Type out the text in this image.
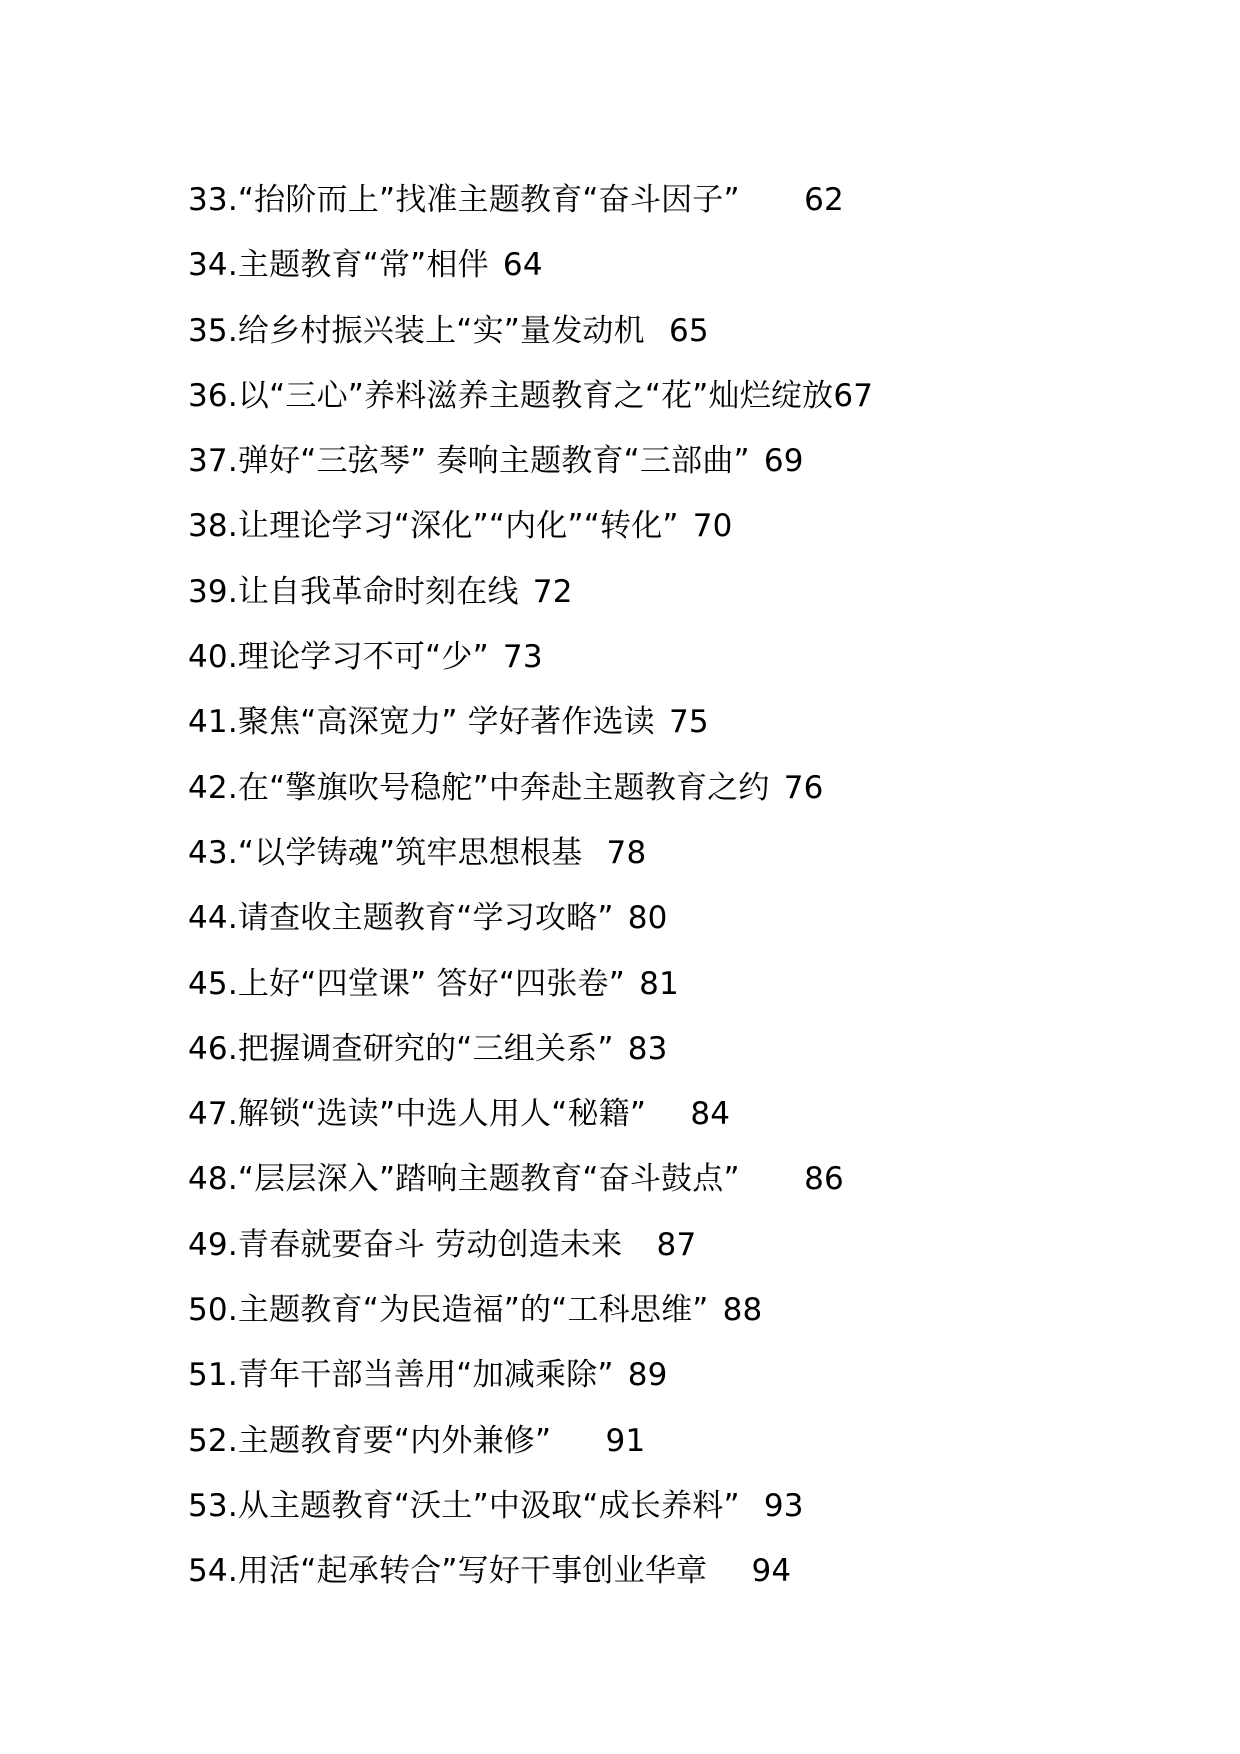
33.“抬阶而上”找准主题教育“奋斗因子” 62
34.主题教育“常”相伴 64
35.给乡村振兴装上“实”量发动机 65
36.以“三心”养料滋养主题教育之“花”灿烂绽放67
37.弹好“三弦琴” 奏响主题教育“三部曲” 69
38.让理论学习“深化”“内化”“转化” 70
39.让自我革命时刻在线 72
40.理论学习不可“少” 73
41.聚焦“高深宽力” 学好著作选读 75
42.在“擎旗吹号稳舵”中奔赴主题教育之约 76
43.“以学铸魂”筑牢思想根基 78
44.请查收主题教育“学习攻略” 80
45.上好“四堂课” 答好“四张卷” 81
46.把握调查研究的“三组关系” 83
47.解锁“选读”中选人用人“秘籍” 84
48.“层层深入”踏响主题教育“奋斗鼓点” 86
49.青春就要奋斗 劳动创造未来 87
50.主题教育“为民造福”的“工科思维” 88
51.青年干部当善用“加减乘除” 89
52.主题教育要“内外兼修” 91
53.从主题教育“沃土”中汲取“成长养料” 93
54.用活“起承转合”写好干事创业华章 94
